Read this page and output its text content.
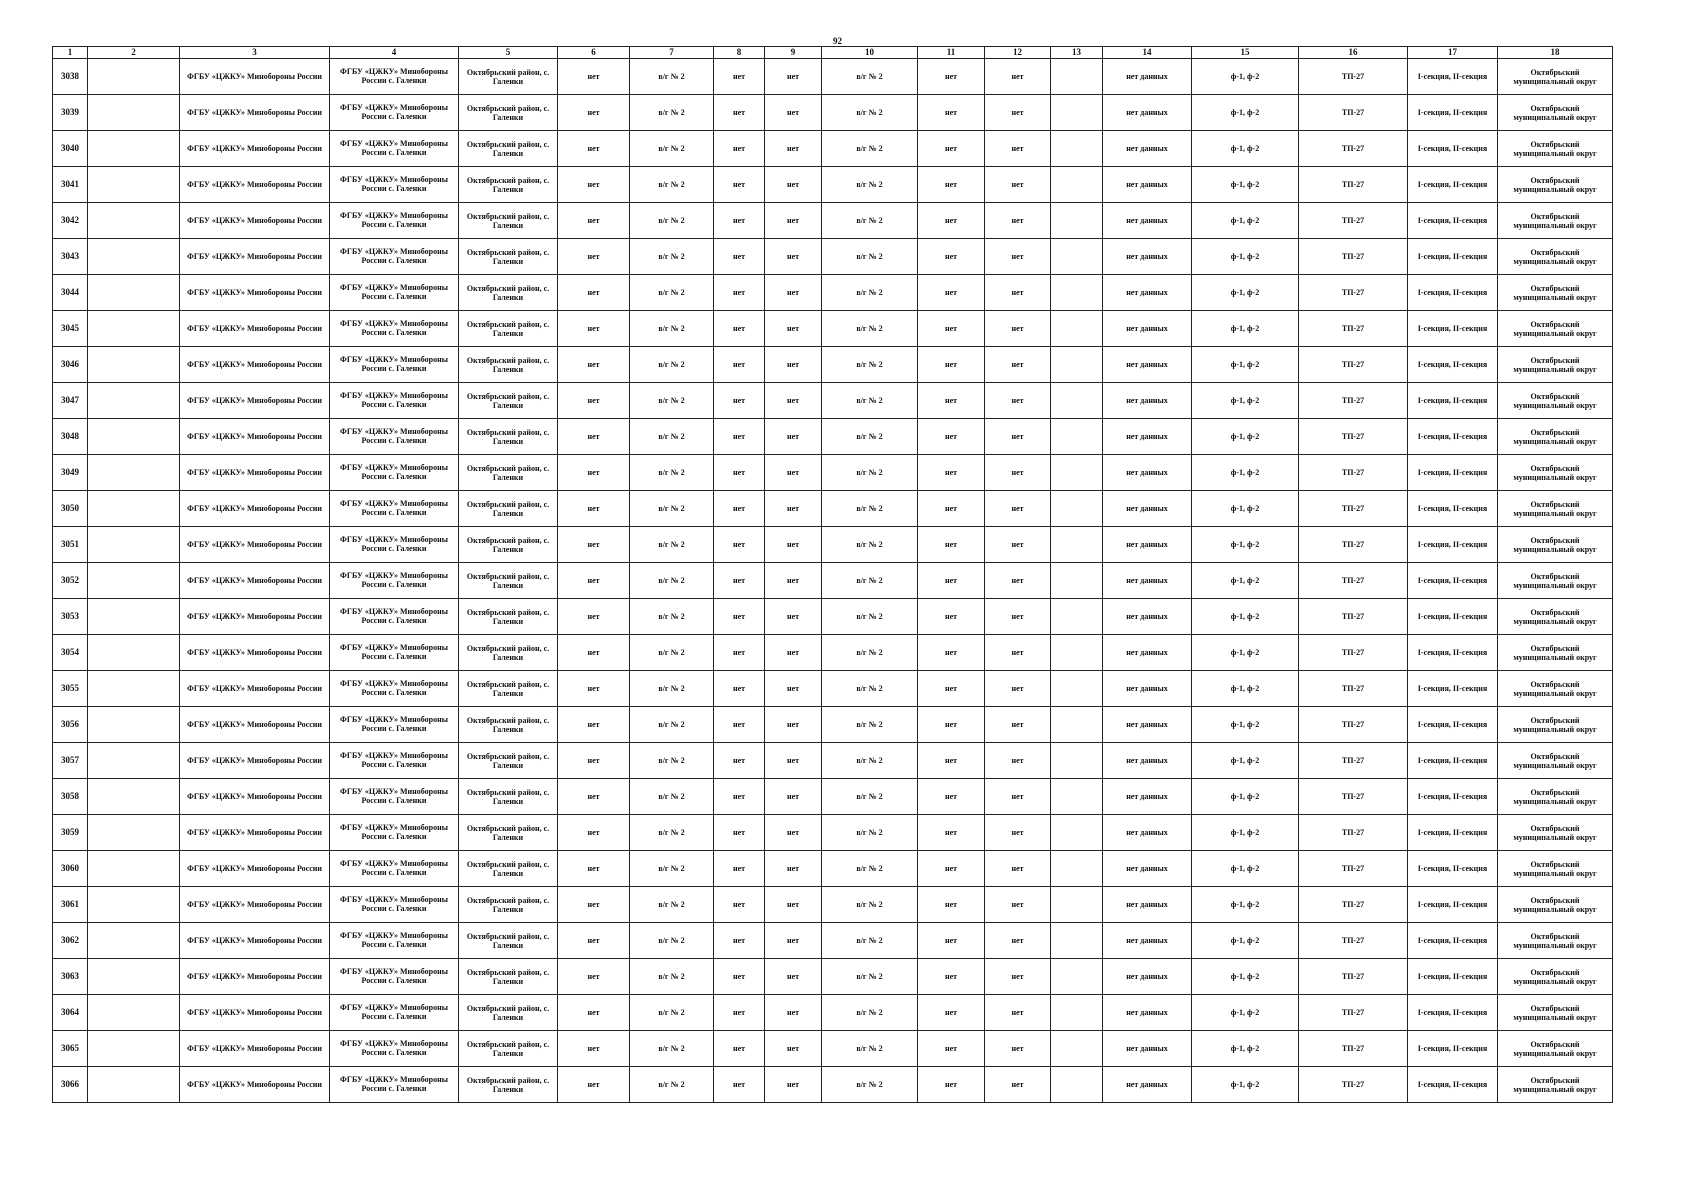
92
1	2	3	4	5	6	7	8	9	10	11	12	13	14	15	16	17	18
3038		ФГБУ «ЦЖКУ» Минобороны России	ФГБУ «ЦЖКУ» Минобороны России с. Галенки	Октябрьский район, с. Галенки	нет	в/г № 2	нет	нет	в/г № 2	нет	нет		нет данных	ф-1, ф-2	ТП-27	I-секция, II-секция	Октябрьский муниципальный округ
3039		ФГБУ «ЦЖКУ» Минобороны России	ФГБУ «ЦЖКУ» Минобороны России с. Галенки	Октябрьский район, с. Галенки	нет	в/г № 2	нет	нет	в/г № 2	нет	нет		нет данных	ф-1, ф-2	ТП-27	I-секция, II-секция	Октябрьский муниципальный округ
3040		ФГБУ «ЦЖКУ» Минобороны России	ФГБУ «ЦЖКУ» Минобороны России с. Галенки	Октябрьский район, с. Галенки	нет	в/г № 2	нет	нет	в/г № 2	нет	нет		нет данных	ф-1, ф-2	ТП-27	I-секция, II-секция	Октябрьский муниципальный округ
3041		ФГБУ «ЦЖКУ» Минобороны России	ФГБУ «ЦЖКУ» Минобороны России с. Галенки	Октябрьский район, с. Галенки	нет	в/г № 2	нет	нет	в/г № 2	нет	нет		нет данных	ф-1, ф-2	ТП-27	I-секция, II-секция	Октябрьский муниципальный округ
3042		ФГБУ «ЦЖКУ» Минобороны России	ФГБУ «ЦЖКУ» Минобороны России с. Галенки	Октябрьский район, с. Галенки	нет	в/г № 2	нет	нет	в/г № 2	нет	нет		нет данных	ф-1, ф-2	ТП-27	I-секция, II-секция	Октябрьский муниципальный округ
3043		ФГБУ «ЦЖКУ» Минобороны России	ФГБУ «ЦЖКУ» Минобороны России с. Галенки	Октябрьский район, с. Галенки	нет	в/г № 2	нет	нет	в/г № 2	нет	нет		нет данных	ф-1, ф-2	ТП-27	I-секция, II-секция	Октябрьский муниципальный округ
3044		ФГБУ «ЦЖКУ» Минобороны России	ФГБУ «ЦЖКУ» Минобороны России с. Галенки	Октябрьский район, с. Галенки	нет	в/г № 2	нет	нет	в/г № 2	нет	нет		нет данных	ф-1, ф-2	ТП-27	I-секция, II-секция	Октябрьский муниципальный округ
3045		ФГБУ «ЦЖКУ» Минобороны России	ФГБУ «ЦЖКУ» Минобороны России с. Галенки	Октябрьский район, с. Галенки	нет	в/г № 2	нет	нет	в/г № 2	нет	нет		нет данных	ф-1, ф-2	ТП-27	I-секция, II-секция	Октябрьский муниципальный округ
3046		ФГБУ «ЦЖКУ» Минобороны России	ФГБУ «ЦЖКУ» Минобороны России с. Галенки	Октябрьский район, с. Галенки	нет	в/г № 2	нет	нет	в/г № 2	нет	нет		нет данных	ф-1, ф-2	ТП-27	I-секция, II-секция	Октябрьский муниципальный округ
3047		ФГБУ «ЦЖКУ» Минобороны России	ФГБУ «ЦЖКУ» Минобороны России с. Галенки	Октябрьский район, с. Галенки	нет	в/г № 2	нет	нет	в/г № 2	нет	нет		нет данных	ф-1, ф-2	ТП-27	I-секция, II-секция	Октябрьский муниципальный округ
3048		ФГБУ «ЦЖКУ» Минобороны России	ФГБУ «ЦЖКУ» Минобороны России с. Галенки	Октябрьский район, с. Галенки	нет	в/г № 2	нет	нет	в/г № 2	нет	нет		нет данных	ф-1, ф-2	ТП-27	I-секция, II-секция	Октябрьский муниципальный округ
3049		ФГБУ «ЦЖКУ» Минобороны России	ФГБУ «ЦЖКУ» Минобороны России с. Галенки	Октябрьский район, с. Галенки	нет	в/г № 2	нет	нет	в/г № 2	нет	нет		нет данных	ф-1, ф-2	ТП-27	I-секция, II-секция	Октябрьский муниципальный округ
3050		ФГБУ «ЦЖКУ» Минобороны России	ФГБУ «ЦЖКУ» Минобороны России с. Галенки	Октябрьский район, с. Галенки	нет	в/г № 2	нет	нет	в/г № 2	нет	нет		нет данных	ф-1, ф-2	ТП-27	I-секция, II-секция	Октябрьский муниципальный округ
3051		ФГБУ «ЦЖКУ» Минобороны России	ФГБУ «ЦЖКУ» Минобороны России с. Галенки	Октябрьский район, с. Галенки	нет	в/г № 2	нет	нет	в/г № 2	нет	нет		нет данных	ф-1, ф-2	ТП-27	I-секция, II-секция	Октябрьский муниципальный округ
3052		ФГБУ «ЦЖКУ» Минобороны России	ФГБУ «ЦЖКУ» Минобороны России с. Галенки	Октябрьский район, с. Галенки	нет	в/г № 2	нет	нет	в/г № 2	нет	нет		нет данных	ф-1, ф-2	ТП-27	I-секция, II-секция	Октябрьский муниципальный округ
3053		ФГБУ «ЦЖКУ» Минобороны России	ФГБУ «ЦЖКУ» Минобороны России с. Галенки	Октябрьский район, с. Галенки	нет	в/г № 2	нет	нет	в/г № 2	нет	нет		нет данных	ф-1, ф-2	ТП-27	I-секция, II-секция	Октябрьский муниципальный округ
3054		ФГБУ «ЦЖКУ» Минобороны России	ФГБУ «ЦЖКУ» Минобороны России с. Галенки	Октябрьский район, с. Галенки	нет	в/г № 2	нет	нет	в/г № 2	нет	нет		нет данных	ф-1, ф-2	ТП-27	I-секция, II-секция	Октябрьский муниципальный округ
3055		ФГБУ «ЦЖКУ» Минобороны России	ФГБУ «ЦЖКУ» Минобороны России с. Галенки	Октябрьский район, с. Галенки	нет	в/г № 2	нет	нет	в/г № 2	нет	нет		нет данных	ф-1, ф-2	ТП-27	I-секция, II-секция	Октябрьский муниципальный округ
3056		ФГБУ «ЦЖКУ» Минобороны России	ФГБУ «ЦЖКУ» Минобороны России с. Галенки	Октябрьский район, с. Галенки	нет	в/г № 2	нет	нет	в/г № 2	нет	нет		нет данных	ф-1, ф-2	ТП-27	I-секция, II-секция	Октябрьский муниципальный округ
3057		ФГБУ «ЦЖКУ» Минобороны России	ФГБУ «ЦЖКУ» Минобороны России с. Галенки	Октябрьский район, с. Галенки	нет	в/г № 2	нет	нет	в/г № 2	нет	нет		нет данных	ф-1, ф-2	ТП-27	I-секция, II-секция	Октябрьский муниципальный округ
3058		ФГБУ «ЦЖКУ» Минобороны России	ФГБУ «ЦЖКУ» Минобороны России с. Галенки	Октябрьский район, с. Галенки	нет	в/г № 2	нет	нет	в/г № 2	нет	нет		нет данных	ф-1, ф-2	ТП-27	I-секция, II-секция	Октябрьский муниципальный округ
3059		ФГБУ «ЦЖКУ» Минобороны России	ФГБУ «ЦЖКУ» Минобороны России с. Галенки	Октябрьский район, с. Галенки	нет	в/г № 2	нет	нет	в/г № 2	нет	нет		нет данных	ф-1, ф-2	ТП-27	I-секция, II-секция	Октябрьский муниципальный округ
3060		ФГБУ «ЦЖКУ» Минобороны России	ФГБУ «ЦЖКУ» Минобороны России с. Галенки	Октябрьский район, с. Галенки	нет	в/г № 2	нет	нет	в/г № 2	нет	нет		нет данных	ф-1, ф-2	ТП-27	I-секция, II-секция	Октябрьский муниципальный округ
3061		ФГБУ «ЦЖКУ» Минобороны России	ФГБУ «ЦЖКУ» Минобороны России с. Галенки	Октябрьский район, с. Галенки	нет	в/г № 2	нет	нет	в/г № 2	нет	нет		нет данных	ф-1, ф-2	ТП-27	I-секция, II-секция	Октябрьский муниципальный округ
3062		ФГБУ «ЦЖКУ» Минобороны России	ФГБУ «ЦЖКУ» Минобороны России с. Галенки	Октябрьский район, с. Галенки	нет	в/г № 2	нет	нет	в/г № 2	нет	нет		нет данных	ф-1, ф-2	ТП-27	I-секция, II-секция	Октябрьский муниципальный округ
3063		ФГБУ «ЦЖКУ» Минобороны России	ФГБУ «ЦЖКУ» Минобороны России с. Галенки	Октябрьский район, с. Галенки	нет	в/г № 2	нет	нет	в/г № 2	нет	нет		нет данных	ф-1, ф-2	ТП-27	I-секция, II-секция	Октябрьский муниципальный округ
3064		ФГБУ «ЦЖКУ» Минобороны России	ФГБУ «ЦЖКУ» Минобороны России с. Галенки	Октябрьский район, с. Галенки	нет	в/г № 2	нет	нет	в/г № 2	нет	нет		нет данных	ф-1, ф-2	ТП-27	I-секция, II-секция	Октябрьский муниципальный округ
3065		ФГБУ «ЦЖКУ» Минобороны России	ФГБУ «ЦЖКУ» Минобороны России с. Галенки	Октябрьский район, с. Галенки	нет	в/г № 2	нет	нет	в/г № 2	нет	нет		нет данных	ф-1, ф-2	ТП-27	I-секция, II-секция	Октябрьский муниципальный округ
3066		ФГБУ «ЦЖКУ» Минобороны России	ФГБУ «ЦЖКУ» Минобороны России с. Галенки	Октябрьский район, с. Галенки	нет	в/г № 2	нет	нет	в/г № 2	нет	нет		нет данных	ф-1, ф-2	ТП-27	I-секция, II-секция	Октябрьский муниципальный округ
